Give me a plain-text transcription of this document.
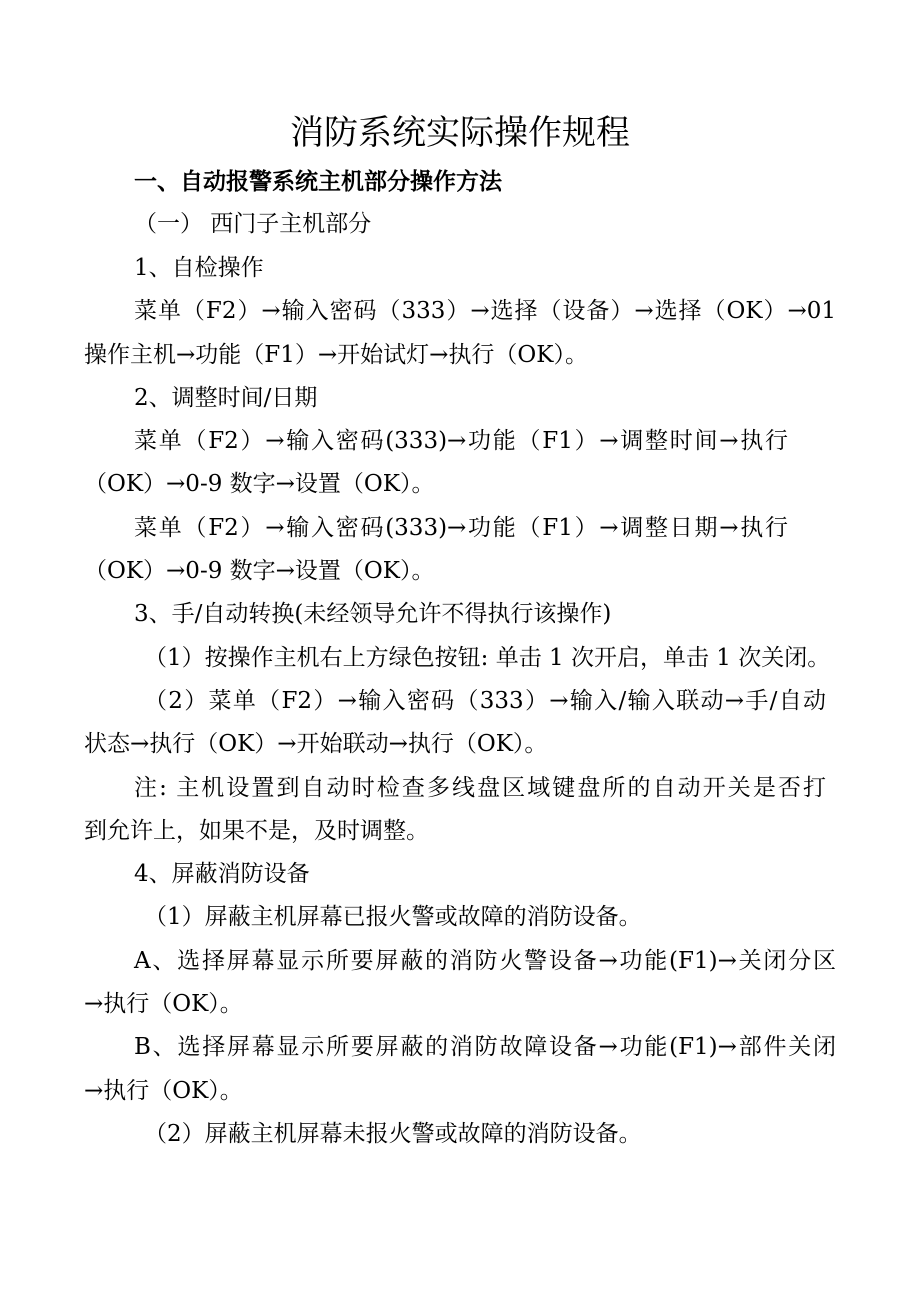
消防系统实际操作规程
一、自动报警系统主机部分操作方法
（一） 西门子主机部分
1、自检操作
菜单（F2）→输入密码（333）→选择（设备）→选择（OK）→01
操作主机→功能（F1）→开始试灯→执行（OK）。
2、调整时间/日期
菜单（F2）→输入密码(333)→功能（F1）→调整时间→执行
（OK）→0-9 数字→设置（OK）。
菜单（F2）→输入密码(333)→功能（F1）→调整日期→执行
（OK）→0-9 数字→设置（OK）。
3、手/自动转换(未经领导允许不得执行该操作)
（1）按操作主机右上方绿色按钮: 单击 1 次开启，单击 1 次关闭。
（2）菜单（F2）→输入密码（333）→输入/输入联动→手/自动
状态→执行（OK）→开始联动→执行（OK）。
注: 主机设置到自动时检查多线盘区域键盘所的自动开关是否打
到允许上，如果不是，及时调整。
4、屏蔽消防设备
（1）屏蔽主机屏幕已报火警或故障的消防设备。
A、选择屏幕显示所要屏蔽的消防火警设备→功能(F1)→关闭分区
→执行（OK）。
B、选择屏幕显示所要屏蔽的消防故障设备→功能(F1)→部件关闭
→执行（OK）。
（2）屏蔽主机屏幕未报火警或故障的消防设备。
